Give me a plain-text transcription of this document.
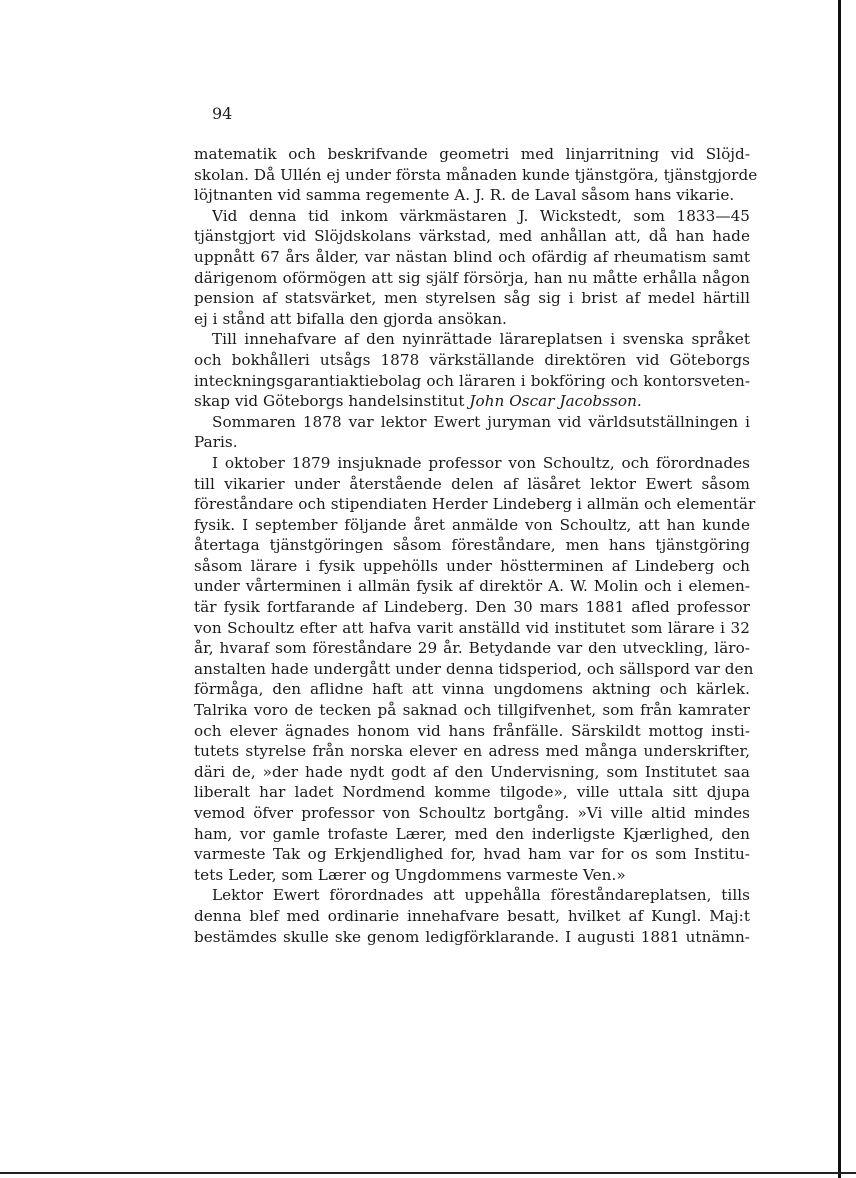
94
matematik och beskrifvande geometri med linjarritning vid Slöjd-
skolan. Då Ullén ej under första månaden kunde tjänstgöra, tjänstgjorde
löjtnanten vid samma regemente A. J. R. de Laval såsom hans vikarie.
Vid denna tid inkom värkmästaren J. Wickstedt, som 1833—45
tjänstgjort vid Slöjdskolans värkstad, med anhållan att, då han hade
uppnått 67 års ålder, var nästan blind och ofärdig af rheumatism samt
därigenom oförmögen att sig själf försörja, han nu måtte erhålla någon
pension af statsvärket, men styrelsen såg sig i brist af medel härtill
ej i stånd att bifalla den gjorda ansökan.
Till innehafvare af den nyinrättade lärareplatsen i svenska språket
och bokhålleri utsågs 1878 värkställande direktören vid Göteborgs
inteckningsgarantiaktiebolag och läraren i bokföring och kontorsveten-
skap vid Göteborgs handelsinstitut John Oscar Jacobsson.
Sommaren 1878 var lektor Ewert juryman vid världsutställningen i
Paris.
I oktober 1879 insjuknade professor von Schoultz, och förordnades
till vikarier under återstående delen af läsåret lektor Ewert såsom
föreståndare och stipendiaten Herder Lindeberg i allmän och elementär
fysik. I september följande året anmälde von Schoultz, att han kunde
återtaga tjänstgöringen såsom föreståndare, men hans tjänstgöring
såsom lärare i fysik uppehölls under höstterminen af Lindeberg och
under vårterminen i allmän fysik af direktör A. W. Molin och i elemen-
tär fysik fortfarande af Lindeberg. Den 30 mars 1881 afled professor
von Schoultz efter att hafva varit anställd vid institutet som lärare i 32
år, hvaraf som föreståndare 29 år. Betydande var den utveckling, läro-
anstalten hade undergått under denna tidsperiod, och sällspord var den
förmåga, den aflidne haft att vinna ungdomens aktning och kärlek.
Talrika voro de tecken på saknad och tillgifvenhet, som från kamrater
och elever ägnades honom vid hans frånfälle. Särskildt mottog insti-
tutets styrelse från norska elever en adress med många underskrifter,
däri de, »der hade nydt godt af den Undervisning, som Institutet saa
liberalt har ladet Nordmend komme tilgode», ville uttala sitt djupa
vemod öfver professor von Schoultz bortgång. »Vi ville altid mindes
ham, vor gamle trofaste Lærer, med den inderligste Kjærlighed, den
varmeste Tak og Erkjendlighed for, hvad ham var for os som Institu-
tets Leder, som Lærer og Ungdommens varmeste Ven.»
Lektor Ewert förordnades att uppehålla föreståndareplatsen, tills
denna blef med ordinarie innehafvare besatt, hvilket af Kungl. Maj:t
bestämdes skulle ske genom ledigförklarande. I augusti 1881 utnämn-
